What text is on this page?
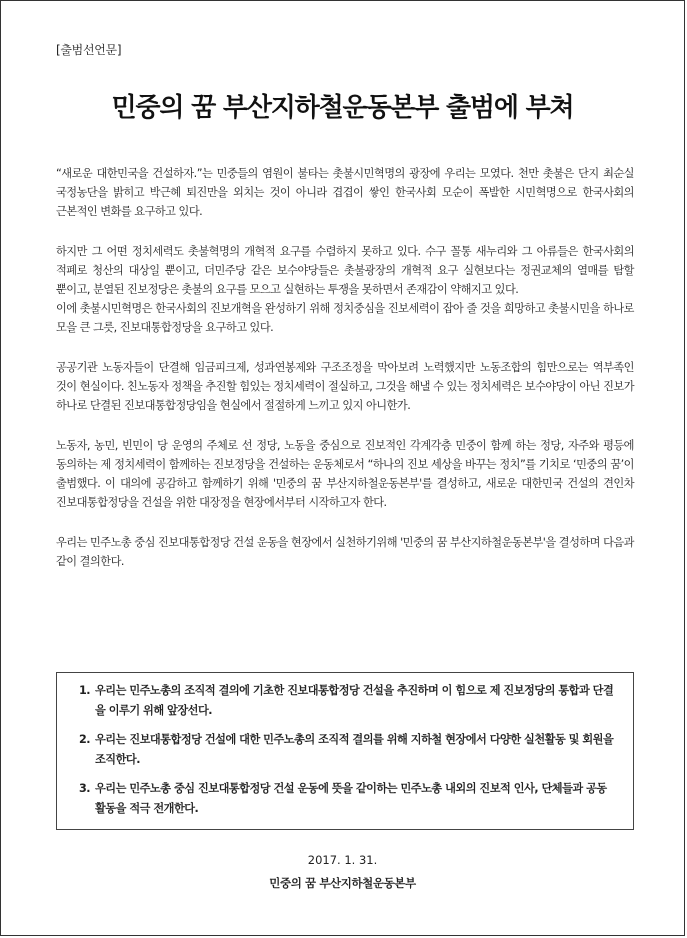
[출범선언문]
민중의 꿈 부산지하철운동본부 출범에 부쳐

“새로운 대한민국을 건설하자.”는 민중들의 염원이 불타는 촛불시민혁명의 광장에 우리는 모였다. 천만 촛불은 단지 최순실 국정농단을 밝히고 박근혜 퇴진만을 외치는 것이 아니라 겹겹이 쌓인 한국사회 모순이 폭발한 시민혁명으로 한국사회의 근본적인 변화를 요구하고 있다.

하지만 그 어떤 정치세력도 촛불혁명의 개혁적 요구를 수렴하지 못하고 있다. 수구 꼴통 새누리와 그 아류들은 한국사회의 적폐로 청산의 대상일 뿐이고, 더민주당 같은 보수야당들은 촛불광장의 개혁적 요구 실현보다는 정권교체의 열매를 탐할 뿐이고, 분열된 진보정당은 촛불의 요구를 모으고 실현하는 투쟁을 못하면서 존재감이 약해지고 있다.

이에 촛불시민혁명은 한국사회의 진보개혁을 완성하기 위해 정치중심을 진보세력이 잡아 줄 것을 희망하고 촛불시민을 하나로 모을 큰 그릇, 진보대통합정당을 요구하고 있다.

공공기관 노동자들이 단결해 임금피크제, 성과연봉제와 구조조정을 막아보려 노력했지만 노동조합의 힘만으로는 역부족인 것이 현실이다. 친노동자 정책을 추진할 힘있는 정치세력이 절실하고, 그것을 해낼 수 있는 정치세력은 보수야당이 아닌 진보가 하나로 단결된 진보대통합정당임을 현실에서 절절하게 느끼고 있지 아니한가.

노동자, 농민, 빈민이 당 운영의 주체로 선 정당, 노동을 중심으로 진보적인 각계각층 민중이 함께 하는 정당, 자주와 평등에 동의하는 제 정치세력이 함께하는 진보정당을 건설하는 운동체로서 “하나의 진보 세상을 바꾸는 정치”를 기치로 ‘민중의 꿈’이 출범했다. 이 대의에 공감하고 함께하기 위해 '민중의 꿈 부산지하철운동본부'를 결성하고, 새로운 대한민국 건설의 견인차 진보대통합정당을 건설을 위한 대장정을 현장에서부터 시작하고자 한다.

우리는 민주노총 중심 진보대통합정당 건설 운동을 현장에서 실천하기위해 '민중의 꿈 부산지하철운동본부'을 결성하며 다음과 같이 결의한다.

1. 우리는 민주노총의 조직적 결의에 기초한 진보대통합정당 건설을 추진하며 이 힘으로 제 진보정당의 통합과 단결을 이루기 위해 앞장선다.
2. 우리는 진보대통합정당 건설에 대한 민주노총의 조직적 결의를 위해 지하철 현장에서 다양한 실천활동 및 회원을 조직한다.
3. 우리는 민주노총 중심 진보대통합정당 건설 운동에 뜻을 같이하는 민주노총 내외의 진보적 인사, 단체들과 공동 활동을 적극 전개한다.
2017. 1. 31.
민중의 꿈 부산지하철운동본부
